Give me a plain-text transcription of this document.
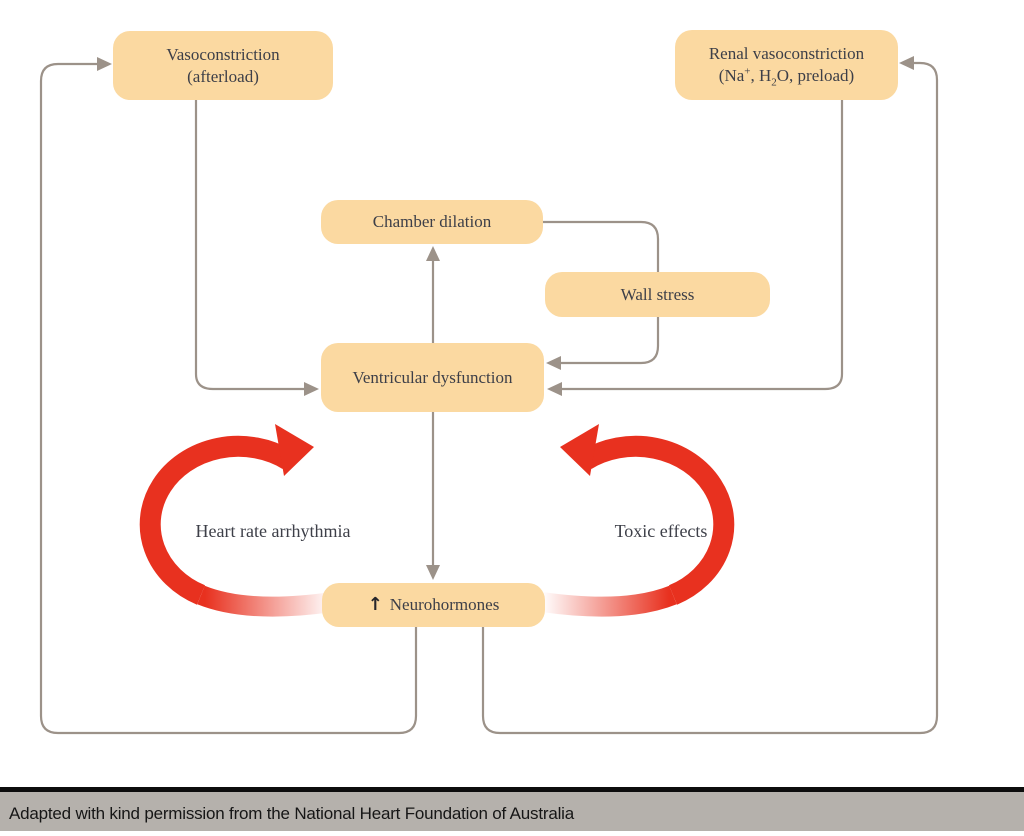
Vasoconstriction
(afterload)
Renal vasoconstriction
(Na+, $H_2O$, preload)
Chamber dilation
Wall stress
Ventricular dysfunction
↑ Neurohormones
Heart rate arrhythmia	Toxic effects
Adapted with kind permission from the National Heart Foundation of Australia
